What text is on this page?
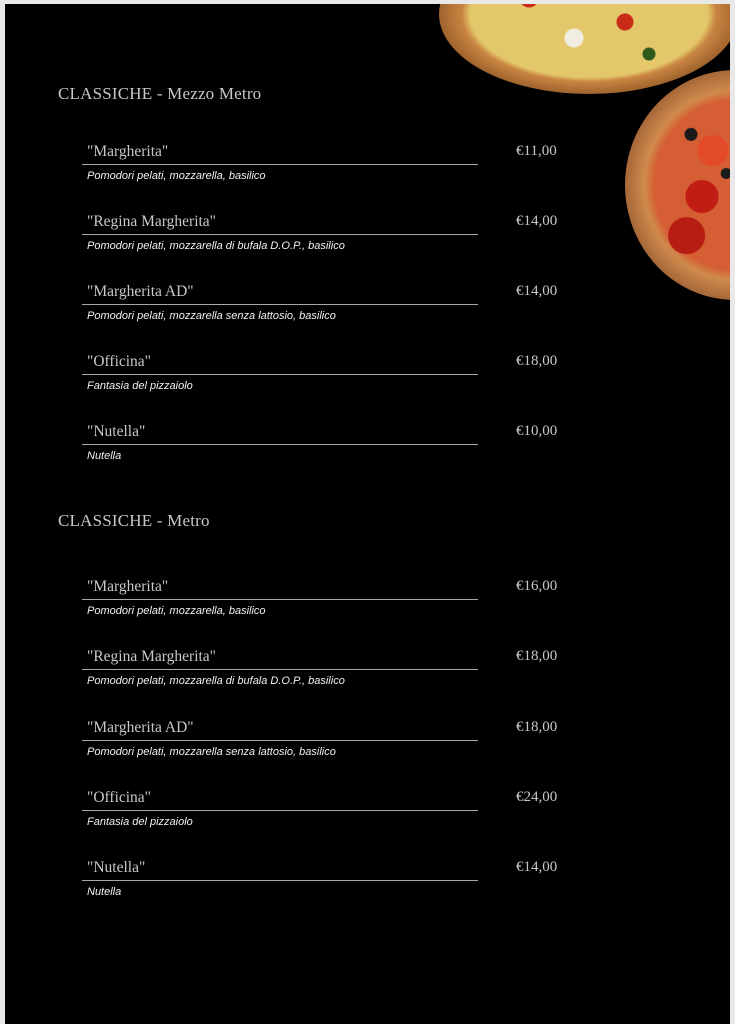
CLASSICHE - Mezzo Metro
"Margherita"	€11,00
Pomodori pelati, mozzarella, basilico
"Regina Margherita"	€14,00
Pomodori pelati, mozzarella di bufala D.O.P., basilico
"Margherita AD"	€14,00
Pomodori pelati, mozzarella senza lattosio, basilico
"Officina"	€18,00
Fantasia del pizzaiolo
"Nutella"	€10,00
Nutella
CLASSICHE - Metro
"Margherita"	€16,00
Pomodori pelati, mozzarella, basilico
"Regina Margherita"	€18,00
Pomodori pelati, mozzarella di bufala D.O.P., basilico
"Margherita AD"	€18,00
Pomodori pelati, mozzarella senza lattosio, basilico
"Officina"	€24,00
Fantasia del pizzaiolo
"Nutella"	€14,00
Nutella
